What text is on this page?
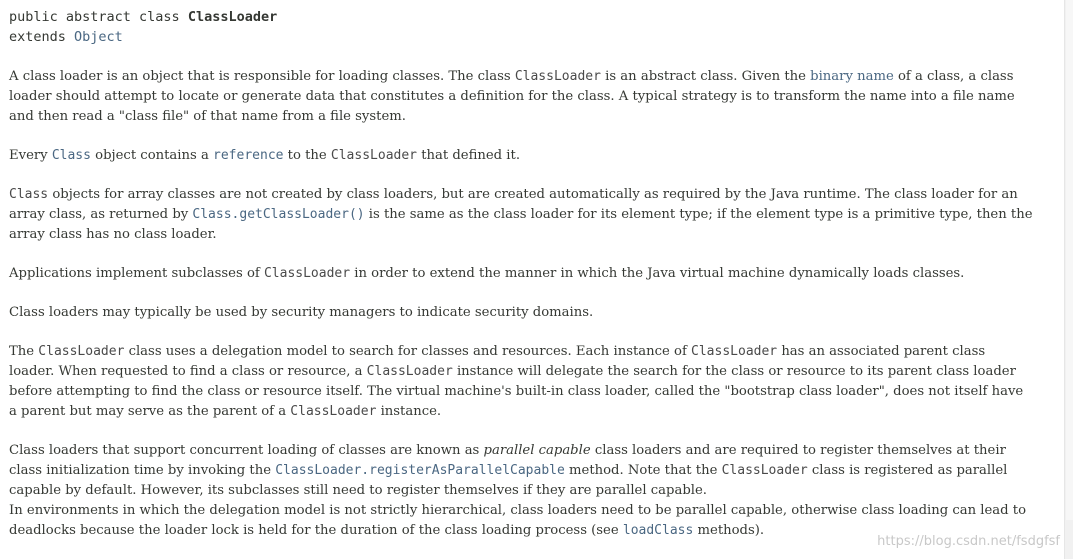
public abstract class ClassLoader
extends Object

A class loader is an object that is responsible for loading classes. The class ClassLoader is an abstract class. Given the binary name of a class, a class loader should attempt to locate or generate data that constitutes a definition for the class. A typical strategy is to transform the name into a file name and then read a "class file" of that name from a file system.

Every Class object contains a reference to the ClassLoader that defined it.

Class objects for array classes are not created by class loaders, but are created automatically as required by the Java runtime. The class loader for an array class, as returned by Class.getClassLoader() is the same as the class loader for its element type; if the element type is a primitive type, then the array class has no class loader.

Applications implement subclasses of ClassLoader in order to extend the manner in which the Java virtual machine dynamically loads classes.

Class loaders may typically be used by security managers to indicate security domains.

The ClassLoader class uses a delegation model to search for classes and resources. Each instance of ClassLoader has an associated parent class loader. When requested to find a class or resource, a ClassLoader instance will delegate the search for the class or resource to its parent class loader before attempting to find the class or resource itself. The virtual machine's built-in class loader, called the "bootstrap class loader", does not itself have a parent but may serve as the parent of a ClassLoader instance.

Class loaders that support concurrent loading of classes are known as parallel capable class loaders and are required to register themselves at their class initialization time by invoking the ClassLoader.registerAsParallelCapable method. Note that the ClassLoader class is registered as parallel capable by default. However, its subclasses still need to register themselves if they are parallel capable.

In environments in which the delegation model is not strictly hierarchical, class loaders need to be parallel capable, otherwise class loading can lead to deadlocks because the loader lock is held for the duration of the class loading process (see loadClass methods).

https://blog.csdn.net/fsdgfsf
